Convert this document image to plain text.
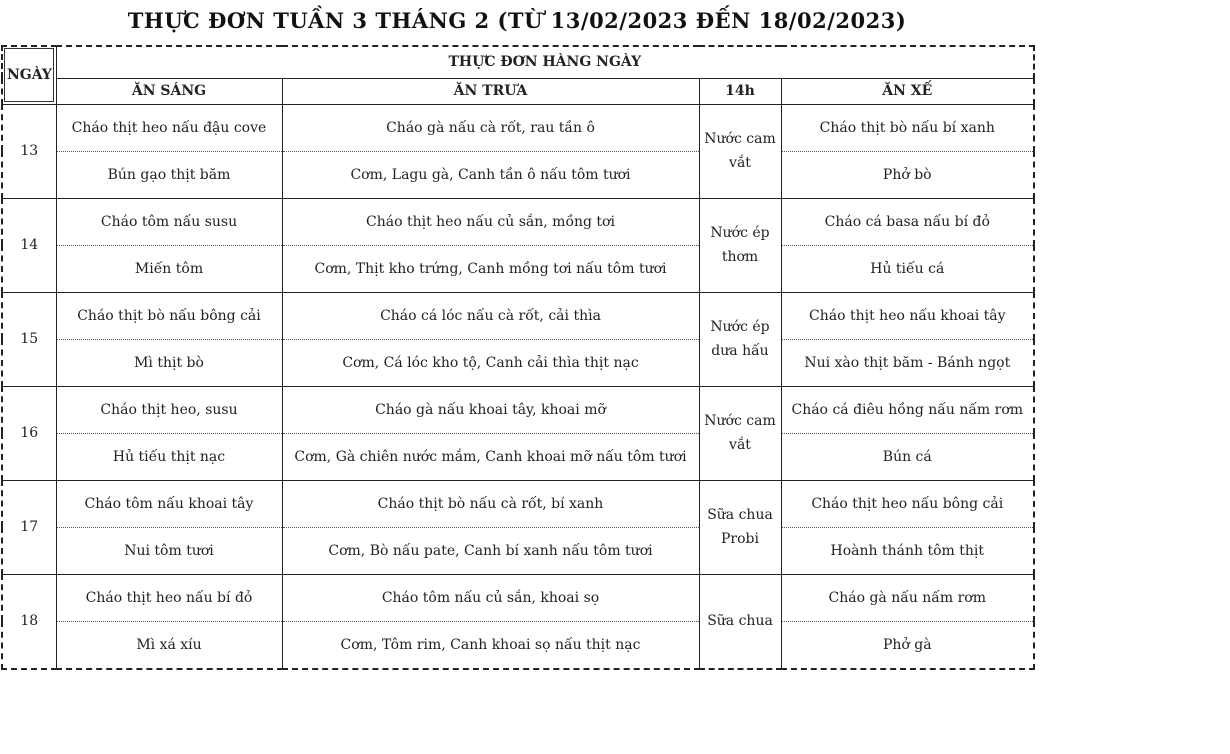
THỰC ĐƠN TUẦN 3 THÁNG 2 (TỪ 13/02/2023 ĐẾN 18/02/2023)
NGÀY	THỰC ĐƠN HÀNG NGÀY			
	ĂN SÁNG	ĂN TRƯA	14h	ĂN XẾ
13	Cháo thịt heo nấu đậu cove	Cháo gà nấu cà rốt, rau tần ô	Nước cam vắt	Cháo thịt bò nấu bí xanh
	Bún gạo thịt băm	Cơm, Lagu gà, Canh tần ô nấu tôm tươi		Phở bò
14	Cháo tôm nấu susu	Cháo thịt heo nấu củ sắn, mồng tơi	Nước ép thơm	Cháo cá basa nấu bí đỏ
	Miến tôm	Cơm, Thịt kho trứng, Canh mồng tơi nấu tôm tươi		Hủ tiếu cá
15	Cháo thịt bò nấu bông cải	Cháo cá lóc nấu cà rốt, cải thìa	Nước ép dưa hấu	Cháo thịt heo nấu khoai tây
	Mì thịt bò	Cơm, Cá lóc kho tộ, Canh cải thìa thịt nạc		Nui xào thịt băm - Bánh ngọt
16	Cháo thịt heo, susu	Cháo gà nấu khoai tây, khoai mỡ	Nước cam vắt	Cháo cá điêu hồng nấu nấm rơm
	Hủ tiếu thịt nạc	Cơm, Gà chiên nước mắm, Canh khoai mỡ nấu tôm tươi		Bún cá
17	Cháo tôm nấu khoai tây	Cháo thịt bò nấu cà rốt, bí xanh	Sữa chua Probi	Cháo thịt heo nấu bông cải
	Nui tôm tươi	Cơm, Bò nấu pate, Canh bí xanh nấu tôm tươi		Hoành thánh tôm thịt
18	Cháo thịt heo nấu bí đỏ	Cháo tôm nấu củ sắn, khoai sọ	Sữa chua	Cháo gà nấu nấm rơm
	Mì xá xíu	Cơm, Tôm rim, Canh khoai sọ nấu thịt nạc		Phở gà
